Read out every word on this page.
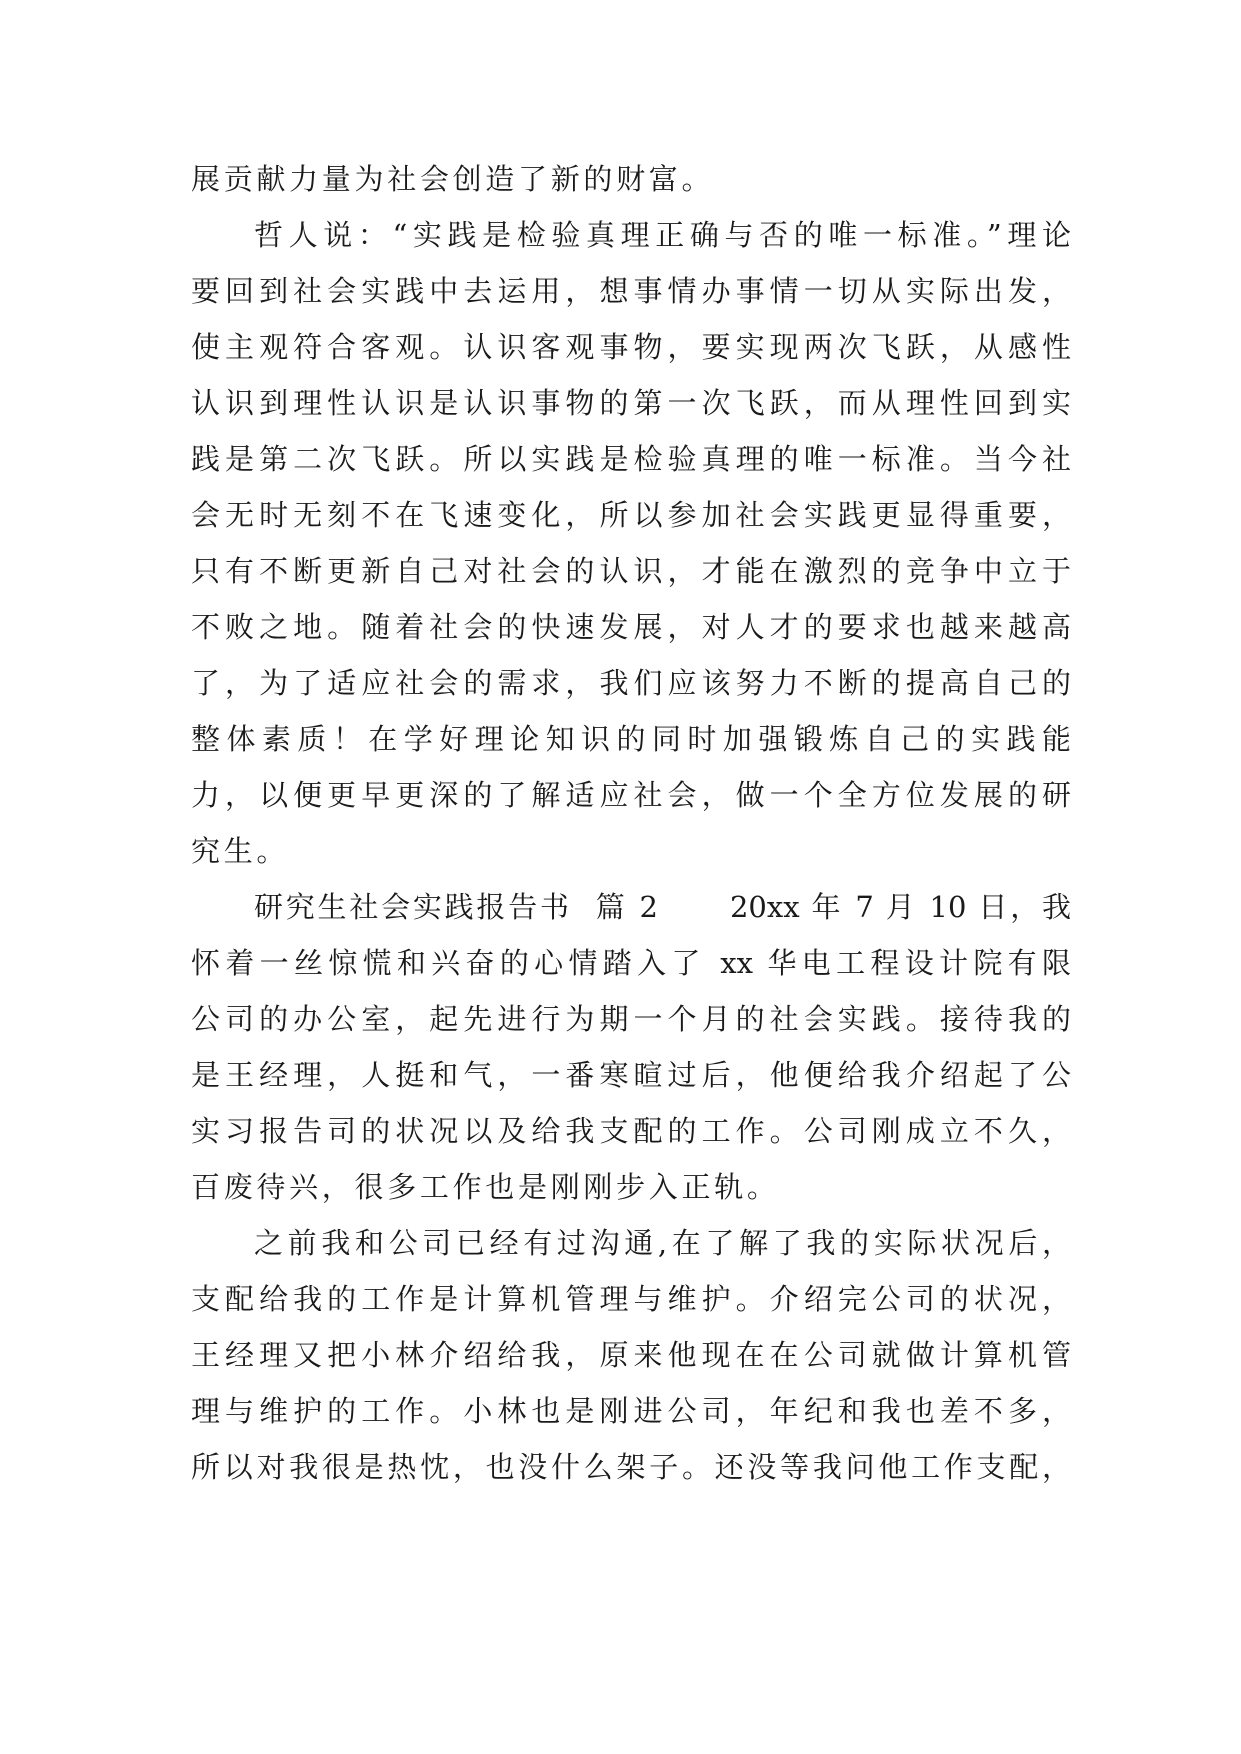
展贡献力量为社会创造了新的财富。
哲人说：“实践是检验真理正确与否的唯一标准。”理论
要回到社会实践中去运用，想事情办事情一切从实际出发，
使主观符合客观。认识客观事物，要实现两次飞跃，从感性
认识到理性认识是认识事物的第一次飞跃，而从理性回到实
践是第二次飞跃。所以实践是检验真理的唯一标准。当今社
会无时无刻不在飞速变化，所以参加社会实践更显得重要，
只有不断更新自己对社会的认识，才能在激烈的竞争中立于
不败之地。随着社会的快速发展，对人才的要求也越来越高
了，为了适应社会的需求，我们应该努力不断的提高自己的
整体素质！在学好理论知识的同时加强锻炼自己的实践能
力，以便更早更深的了解适应社会，做一个全方位发展的研
究生。
研究生社会实践报告书  篇 2      20xx 年 7 月 10 日，我
怀着一丝惊慌和兴奋的心情踏入了 xx 华电工程设计院有限
公司的办公室，起先进行为期一个月的社会实践。接待我的
是王经理，人挺和气，一番寒暄过后，他便给我介绍起了公
实习报告司的状况以及给我支配的工作。公司刚成立不久，
百废待兴，很多工作也是刚刚步入正轨。
之前我和公司已经有过沟通,在了解了我的实际状况后，
支配给我的工作是计算机管理与维护。介绍完公司的状况，
王经理又把小林介绍给我，原来他现在在公司就做计算机管
理与维护的工作。小林也是刚进公司，年纪和我也差不多，
所以对我很是热忱，也没什么架子。还没等我问他工作支配，
